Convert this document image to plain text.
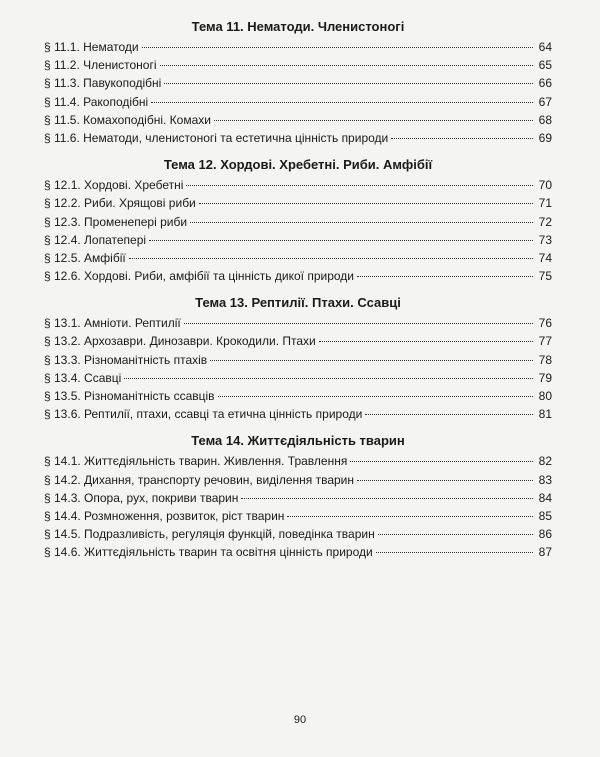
Тема 11. Нематоди. Членистоногі
§ 11.1. Нематоди	64
§ 11.2. Членистоногі	65
§ 11.3. Павукоподібні	66
§ 11.4. Ракоподібні	67
§ 11.5. Комахоподібні. Комахи	68
§ 11.6. Нематоди, членистоногі та естетична цінність природи	69
Тема 12. Хордові. Хребетні. Риби. Амфібії
§ 12.1. Хордові. Хребетні	70
§ 12.2. Риби. Хрящові риби	71
§ 12.3. Променепері риби	72
§ 12.4. Лопатепері	73
§ 12.5. Амфібії	74
§ 12.6. Хордові. Риби, амфібії та цінність дикої природи	75
Тема 13. Рептилії. Птахи. Ссавці
§ 13.1. Амніоти. Рептилії	76
§ 13.2. Архозаври. Динозаври. Крокодили. Птахи	77
§ 13.3. Різноманітність птахів	78
§ 13.4. Ссавці	79
§ 13.5. Різноманітність ссавців	80
§ 13.6. Рептилії, птахи, ссавці та етична цінність природи	81
Тема 14. Життєдіяльність тварин
§ 14.1. Життєдіяльність тварин. Живлення. Травлення	82
§ 14.2. Дихання, транспорту речовин, виділення тварин	83
§ 14.3. Опора, рух, покриви тварин	84
§ 14.4. Розмноження, розвиток, ріст тварин	85
§ 14.5. Подразливість, регуляція функцій, поведінка тварин	86
§ 14.6. Життєдіяльність тварин та освітня цінність природи	87
90
